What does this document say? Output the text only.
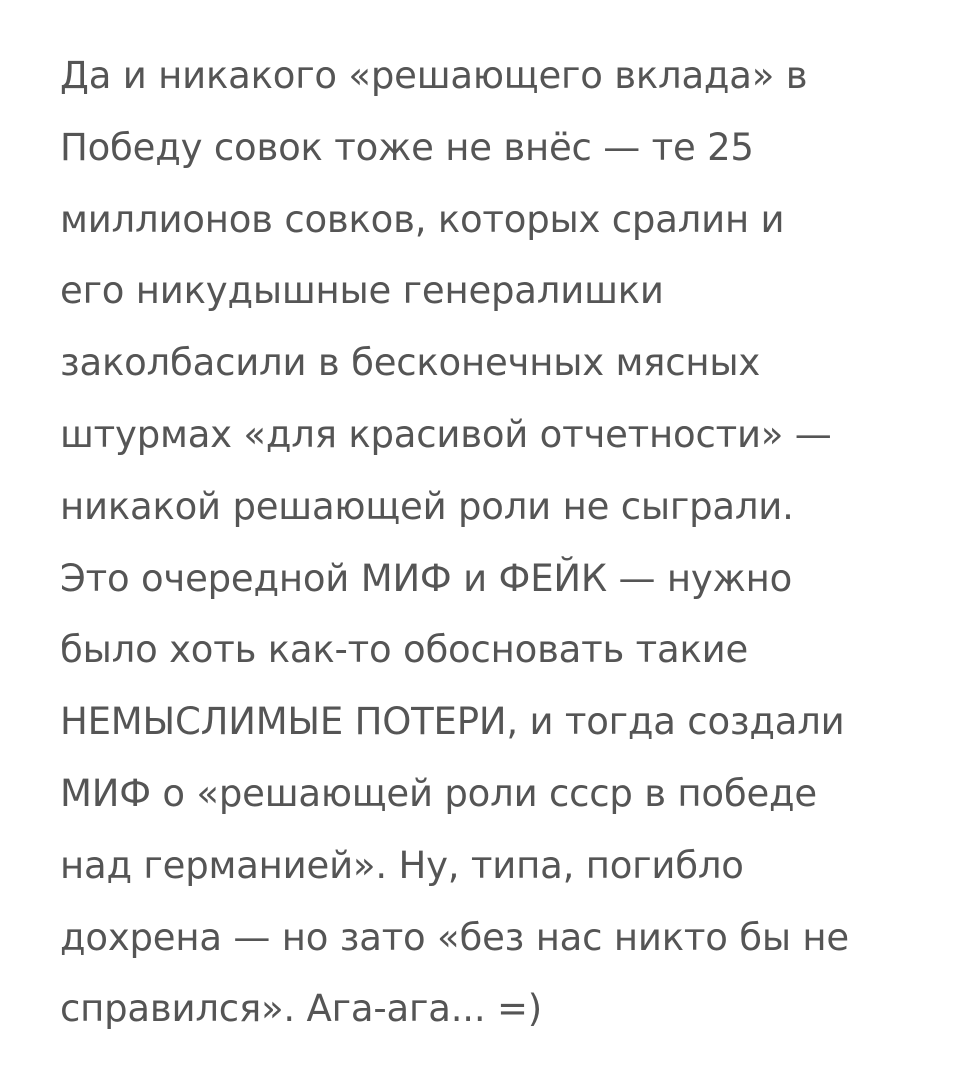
Да и никакого «решающего вклада» в
Победу совок тоже не внёс — те 25
миллионов совков, которых сралин и
его никудышные генералишки
заколбасили в бесконечных мясных
штурмах «для красивой отчетности» —
никакой решающей роли не сыграли.
Это очередной МИФ и ФЕЙК — нужно
было хоть как-то обосновать такие
НЕМЫСЛИМЫЕ ПОТЕРИ, и тогда создали
МИФ о «решающей роли ссср в победе
над германией». Ну, типа, погибло
дохрена — но зато «без нас никто бы не
справился». Ага-ага... =)
